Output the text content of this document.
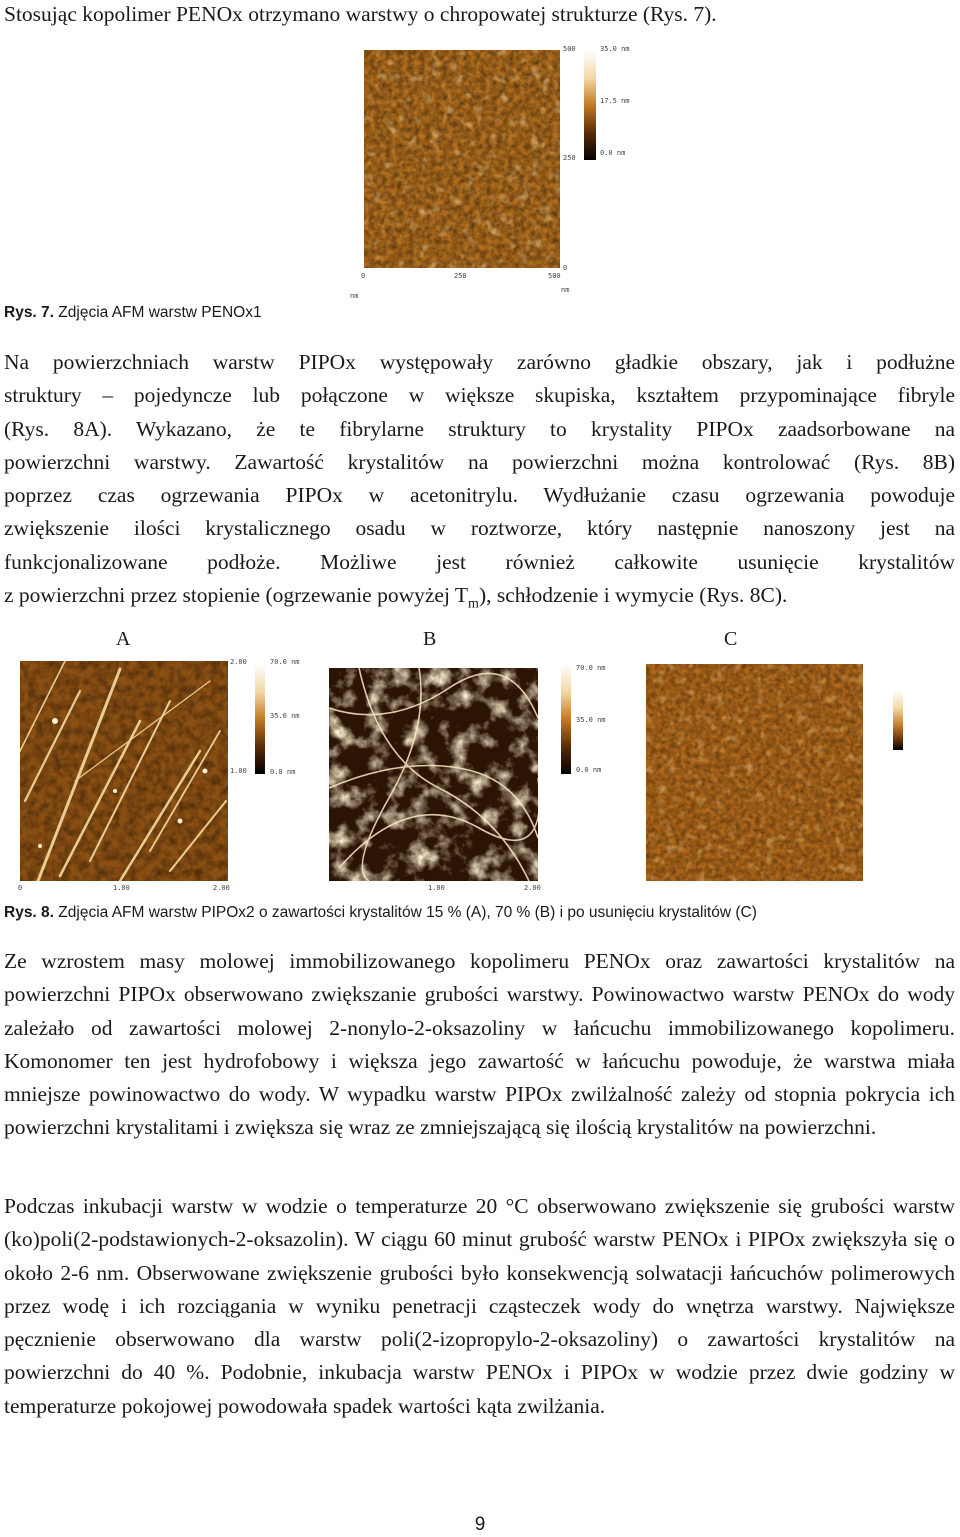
Stosując kopolimer PENOx otrzymano warstwy o chropowatej strukturze (Rys. 7).
35.0 nm
17.5 nm
0.0 nm
500
250
0
0	250	500
nm
nm
Rys. 7. Zdjęcia AFM warstw PENOx1
Na powierzchniach warstw PIPOx występowały zarówno gładkie obszary, jak i podłużne
struktury – pojedyncze lub połączone w większe skupiska, kształtem przypominające fibryle
(Rys. 8A). Wykazano, że te fibrylarne struktury to krystality PIPOx zaadsorbowane na
powierzchni warstwy. Zawartość krystalitów na powierzchni można kontrolować (Rys. 8B)
poprzez czas ogrzewania PIPOx w acetonitrylu. Wydłużanie czasu ogrzewania powoduje
zwiększenie ilości krystalicznego osadu w roztworze, który następnie nanoszony jest na
funkcjonalizowane podłoże. Możliwe jest również całkowite usunięcie krystalitów
z powierzchni przez stopienie (ogrzewanie powyżej $T_m$), schłodzenie i wymycie (Rys. 8C).
A	B	C
70.0 nm
35.0 nm
0.0 nm
2.00
1.00
0	1.00	2.00
70.0 nm
35.0 nm
0.0 nm
1.00	2.00
Rys. 8. Zdjęcia AFM warstw PIPOx2 o zawartości krystalitów 15 % (A), 70 % (B) i po usunięciu krystalitów (C)

Ze wzrostem masy molowej immobilizowanego kopolimeru PENOx oraz zawartości krystalitów na powierzchni PIPOx obserwowano zwiększanie grubości warstwy. Powinowactwo warstw PENOx do wody zależało od zawartości molowej 2-nonylo-2-oksazoliny w łańcuchu immobilizowanego kopolimeru. Komonomer ten jest hydrofobowy i większa jego zawartość w łańcuchu powoduje, że warstwa miała mniejsze powinowactwo do wody. W wypadku warstw PIPOx zwilżalność zależy od stopnia pokrycia ich powierzchni krystalitami i zwiększa się wraz ze zmniejszającą się ilością krystalitów na powierzchni.

Podczas inkubacji warstw w wodzie o temperaturze 20 °C obserwowano zwiększenie się grubości warstw (ko)poli(2-podstawionych-2-oksazolin). W ciągu 60 minut grubość warstw PENOx i PIPOx zwiększyła się o około 2-6 nm. Obserwowane zwiększenie grubości było konsekwencją solwatacji łańcuchów polimerowych przez wodę i ich rozciągania w wyniku penetracji cząsteczek wody do wnętrza warstwy. Największe pęcznienie obserwowano dla warstw poli(2-izopropylo-2-oksazoliny) o zawartości krystalitów na powierzchni do 40 %. Podobnie, inkubacja warstw PENOx i PIPOx w wodzie przez dwie godziny w temperaturze pokojowej powodowała spadek wartości kąta zwilżania.

9
